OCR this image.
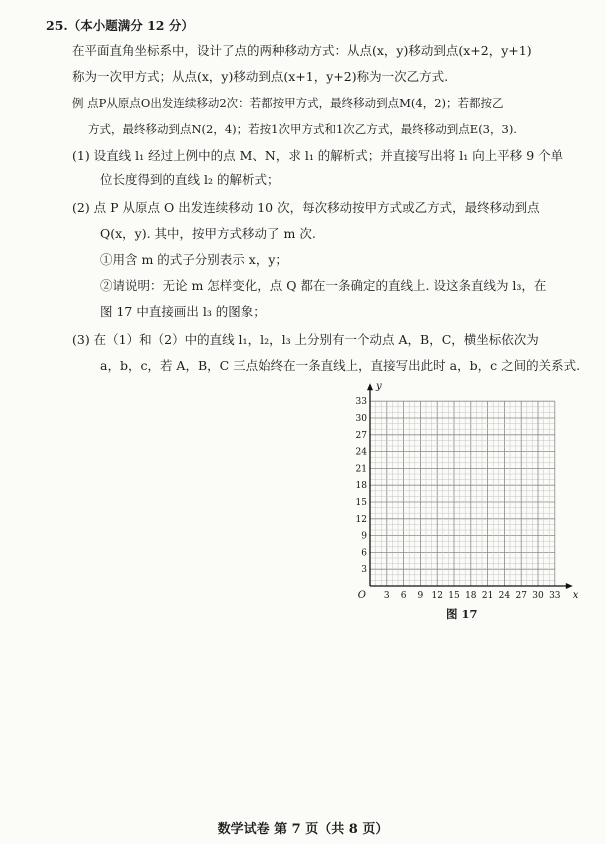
25.（本小题满分 12 分）
在平面直角坐标系中，设计了点的两种移动方式：从点(x，y)移动到点(x+2，y+1)
称为一次甲方式；从点(x，y)移动到点(x+1，y+2)称为一次乙方式.
例 点P从原点O出发连续移动2次：若都按甲方式，最终移动到点M(4，2)；若都按乙
方式，最终移动到点N(2，4)；若按1次甲方式和1次乙方式，最终移动到点E(3，3).
(1) 设直线 l₁ 经过上例中的点 M、N，求 l₁ 的解析式；并直接写出将 l₁ 向上平移 9 个单
位长度得到的直线 l₂ 的解析式；
(2) 点 P 从原点 O 出发连续移动 10 次，每次移动按甲方式或乙方式，最终移动到点
Q(x，y). 其中，按甲方式移动了 m 次.
①用含 m 的式子分别表示 x，y；
②请说明：无论 m 怎样变化，点 Q 都在一条确定的直线上. 设这条直线为 l₃，在
图 17 中直接画出 l₃ 的图象；
(3) 在（1）和（2）中的直线 l₁，l₂，l₃ 上分别有一个动点 A，B，C，横坐标依次为
a，b，c，若 A，B，C 三点始终在一条直线上，直接写出此时 a，b，c 之间的关系式.
3 6 9 12 15 18 21 24 27 30 33
3
6
9
12
15
18
21
24
27
30
33
O	x
y
图 17
数学试卷 第 7 页（共 8 页）
